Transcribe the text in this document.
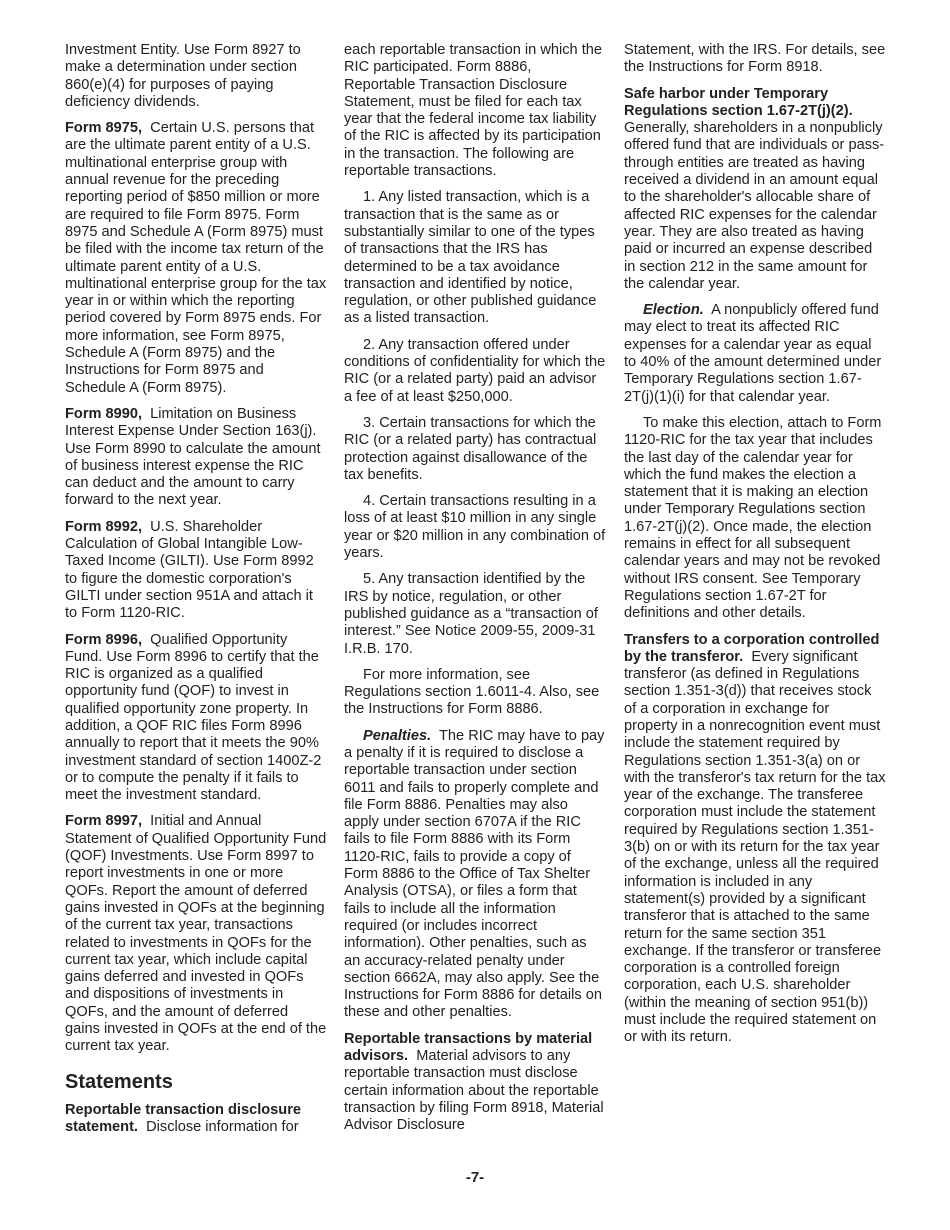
Investment Entity. Use Form 8927 to make a determination under section 860(e)(4) for purposes of paying deficiency dividends.

Form 8975, Certain U.S. persons that are the ultimate parent entity of a U.S. multinational enterprise group with annual revenue for the preceding reporting period of $850 million or more are required to file Form 8975. Form 8975 and Schedule A (Form 8975) must be filed with the income tax return of the ultimate parent entity of a U.S. multinational enterprise group for the tax year in or within which the reporting period covered by Form 8975 ends. For more information, see Form 8975, Schedule A (Form 8975) and the Instructions for Form 8975 and Schedule A (Form 8975).

Form 8990, Limitation on Business Interest Expense Under Section 163(j). Use Form 8990 to calculate the amount of business interest expense the RIC can deduct and the amount to carry forward to the next year.

Form 8992, U.S. Shareholder Calculation of Global Intangible Low-Taxed Income (GILTI). Use Form 8992 to figure the domestic corporation's GILTI under section 951A and attach it to Form 1120-RIC.

Form 8996, Qualified Opportunity Fund. Use Form 8996 to certify that the RIC is organized as a qualified opportunity fund (QOF) to invest in qualified opportunity zone property. In addition, a QOF RIC files Form 8996 annually to report that it meets the 90% investment standard of section 1400Z-2 or to compute the penalty if it fails to meet the investment standard.

Form 8997, Initial and Annual Statement of Qualified Opportunity Fund (QOF) Investments. Use Form 8997 to report investments in one or more QOFs. Report the amount of deferred gains invested in QOFs at the beginning of the current tax year, transactions related to investments in QOFs for the current tax year, which include capital gains deferred and invested in QOFs and dispositions of investments in QOFs, and the amount of deferred gains invested in QOFs at the end of the current tax year.

Statements

Reportable transaction disclosure statement. Disclose information for

each reportable transaction in which the RIC participated. Form 8886, Reportable Transaction Disclosure Statement, must be filed for each tax year that the federal income tax liability of the RIC is affected by its participation in the transaction. The following are reportable transactions.

1. Any listed transaction, which is a transaction that is the same as or substantially similar to one of the types of transactions that the IRS has determined to be a tax avoidance transaction and identified by notice, regulation, or other published guidance as a listed transaction.

2. Any transaction offered under conditions of confidentiality for which the RIC (or a related party) paid an advisor a fee of at least $250,000.

3. Certain transactions for which the RIC (or a related party) has contractual protection against disallowance of the tax benefits.

4. Certain transactions resulting in a loss of at least $10 million in any single year or $20 million in any combination of years.

5. Any transaction identified by the IRS by notice, regulation, or other published guidance as a “transaction of interest.” See Notice 2009-55, 2009-31 I.R.B. 170.

For more information, see Regulations section 1.6011-4. Also, see the Instructions for Form 8886.

Penalties. The RIC may have to pay a penalty if it is required to disclose a reportable transaction under section 6011 and fails to properly complete and file Form 8886. Penalties may also apply under section 6707A if the RIC fails to file Form 8886 with its Form 1120-RIC, fails to provide a copy of Form 8886 to the Office of Tax Shelter Analysis (OTSA), or files a form that fails to include all the information required (or includes incorrect information). Other penalties, such as an accuracy-related penalty under section 6662A, may also apply. See the Instructions for Form 8886 for details on these and other penalties.

Reportable transactions by material advisors. Material advisors to any reportable transaction must disclose certain information about the reportable transaction by filing Form 8918, Material Advisor Disclosure

Statement, with the IRS. For details, see the Instructions for Form 8918.

Safe harbor under Temporary Regulations section 1.67-2T(j)(2). Generally, shareholders in a nonpublicly offered fund that are individuals or pass-through entities are treated as having received a dividend in an amount equal to the shareholder's allocable share of affected RIC expenses for the calendar year. They are also treated as having paid or incurred an expense described in section 212 in the same amount for the calendar year.

Election. A nonpublicly offered fund may elect to treat its affected RIC expenses for a calendar year as equal to 40% of the amount determined under Temporary Regulations section 1.67-2T(j)(1)(i) for that calendar year.

To make this election, attach to Form 1120-RIC for the tax year that includes the last day of the calendar year for which the fund makes the election a statement that it is making an election under Temporary Regulations section 1.67-2T(j)(2). Once made, the election remains in effect for all subsequent calendar years and may not be revoked without IRS consent. See Temporary Regulations section 1.67-2T for definitions and other details.

Transfers to a corporation controlled by the transferor. Every significant transferor (as defined in Regulations section 1.351-3(d)) that receives stock of a corporation in exchange for property in a nonrecognition event must include the statement required by Regulations section 1.351-3(a) on or with the transferor's tax return for the tax year of the exchange. The transferee corporation must include the statement required by Regulations section 1.351-3(b) on or with its return for the tax year of the exchange, unless all the required information is included in any statement(s) provided by a significant transferor that is attached to the same return for the same section 351 exchange. If the transferor or transferee corporation is a controlled foreign corporation, each U.S. shareholder (within the meaning of section 951(b)) must include the required statement on or with its return.

-7-
